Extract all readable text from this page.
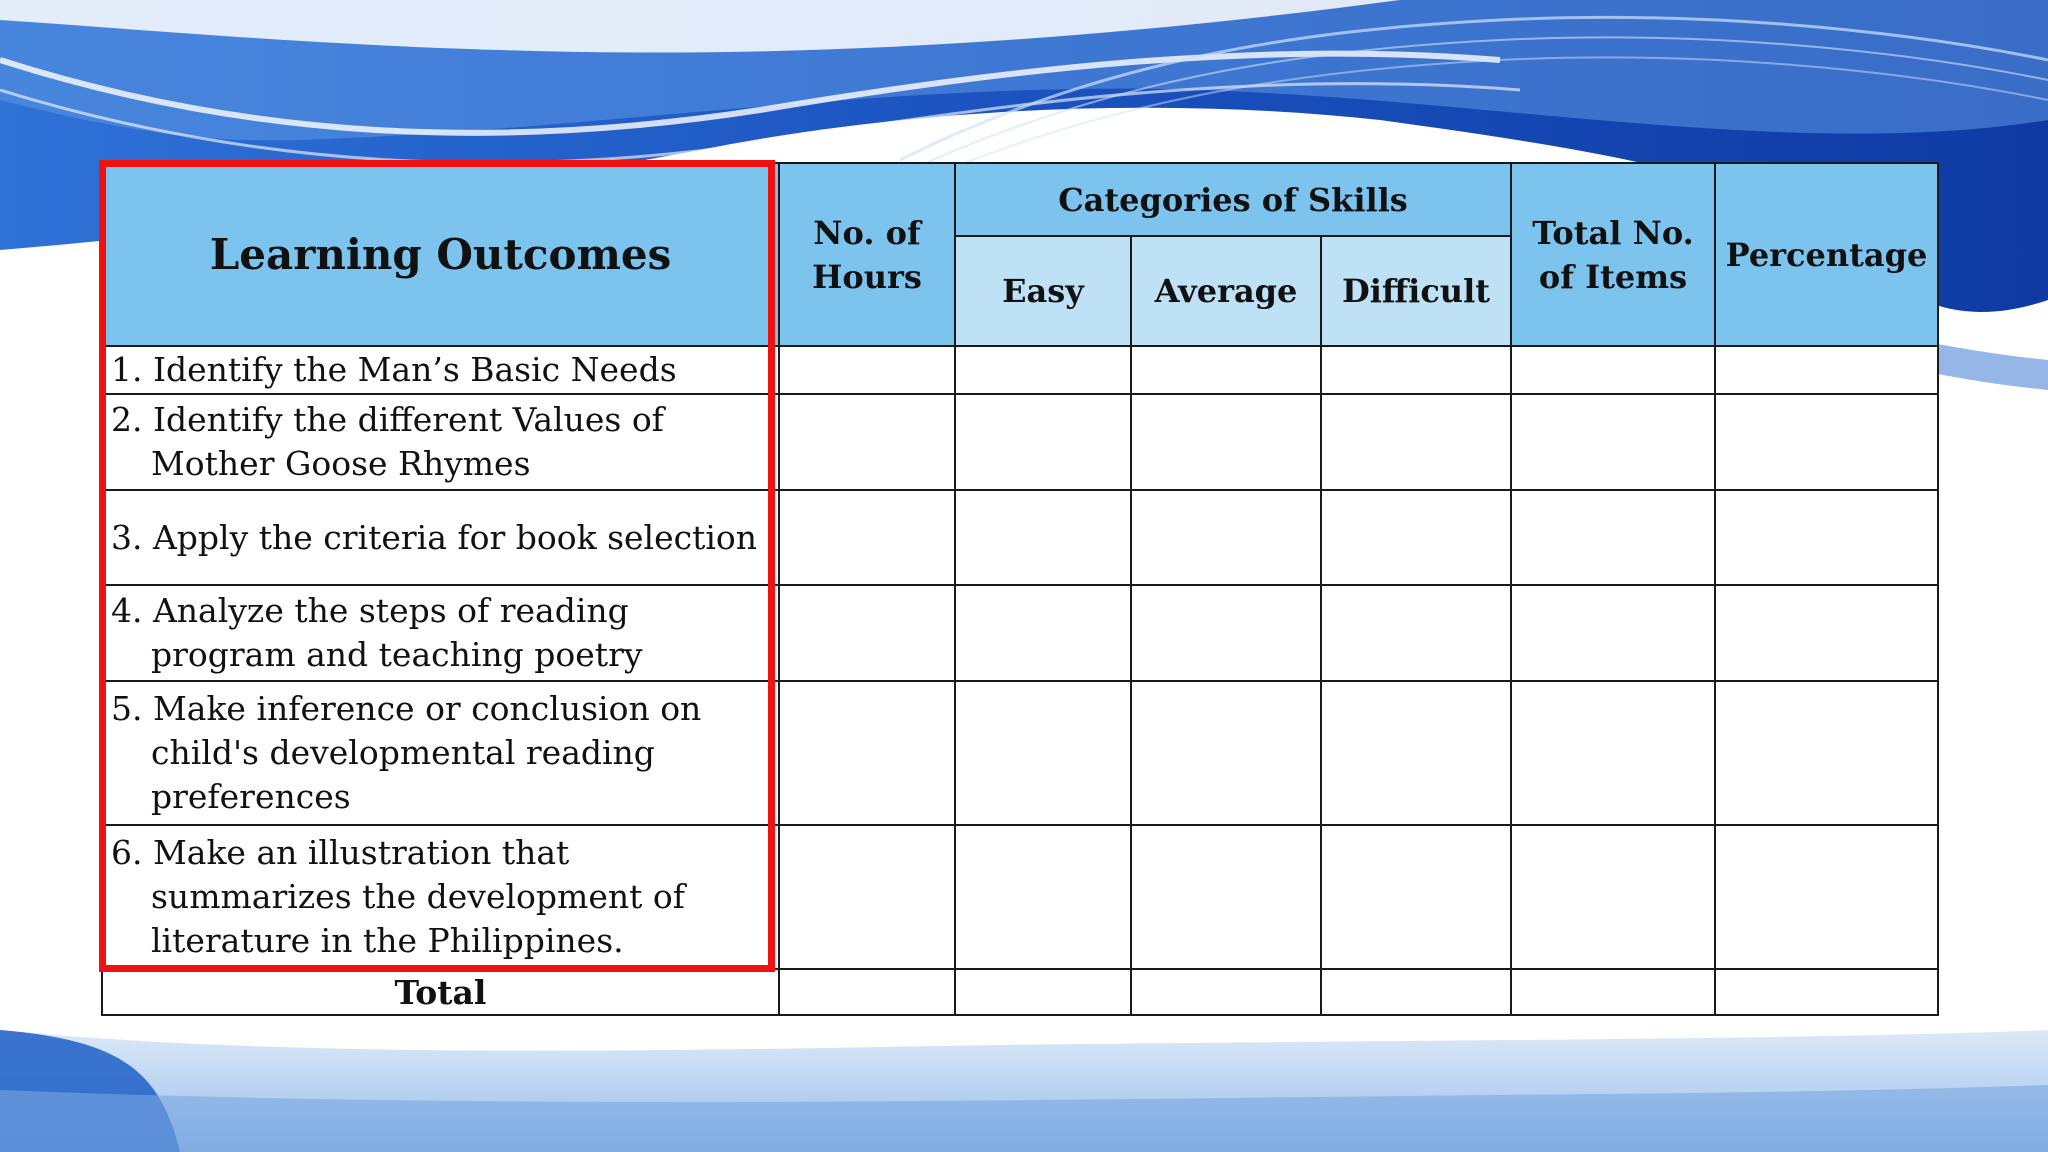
Learning Outcomes	No. of Hours	Categories of Skills			Total No. of Items	Percentage
		Easy	Average	Difficult		
1. Identify the Man’s Basic Needs						
2. Identify the different Values of Mother Goose Rhymes						
3. Apply the criteria for book selection						
4. Analyze the steps of reading program and teaching poetry						
5. Make inference or conclusion on child's developmental reading preferences						
6. Make an illustration that summarizes the development of literature in the Philippines.						
Total						
